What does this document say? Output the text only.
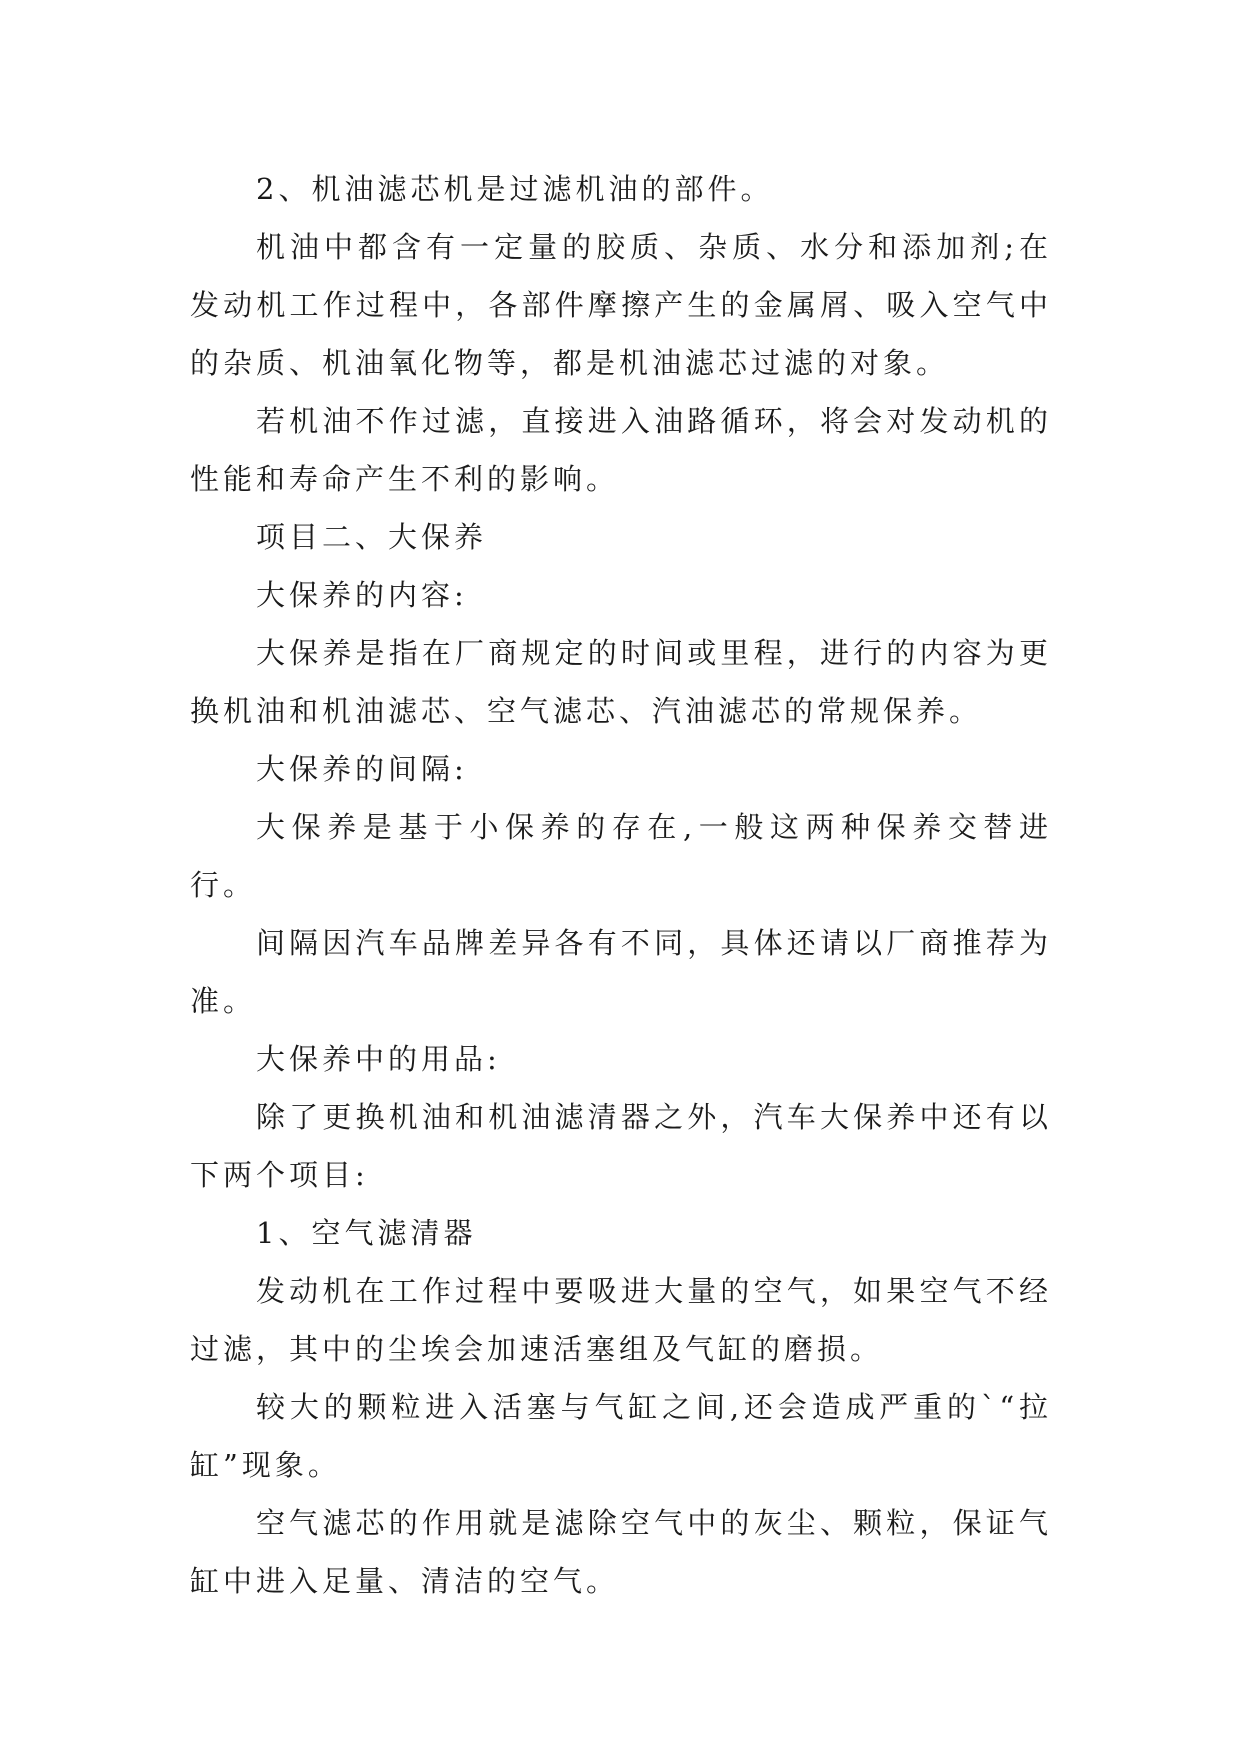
2、机油滤芯机是过滤机油的部件。

机油中都含有一定量的胶质、杂质、水分和添加剂;在发动机工作过程中，各部件摩擦产生的金属屑、吸入空气中的杂质、机油氧化物等，都是机油滤芯过滤的对象。

若机油不作过滤，直接进入油路循环，将会对发动机的性能和寿命产生不利的影响。

项目二、大保养

大保养的内容:

大保养是指在厂商规定的时间或里程，进行的内容为更换机油和机油滤芯、空气滤芯、汽油滤芯的常规保养。

大保养的间隔:

大保养是基于小保养的存在,一般这两种保养交替进行。

间隔因汽车品牌差异各有不同，具体还请以厂商推荐为准。

大保养中的用品:

除了更换机油和机油滤清器之外，汽车大保养中还有以下两个项目:

1、空气滤清器

发动机在工作过程中要吸进大量的空气，如果空气不经过滤，其中的尘埃会加速活塞组及气缸的磨损。

较大的颗粒进入活塞与气缸之间,还会造成严重的`“拉缸”现象。

空气滤芯的作用就是滤除空气中的灰尘、颗粒，保证气缸中进入足量、清洁的空气。
